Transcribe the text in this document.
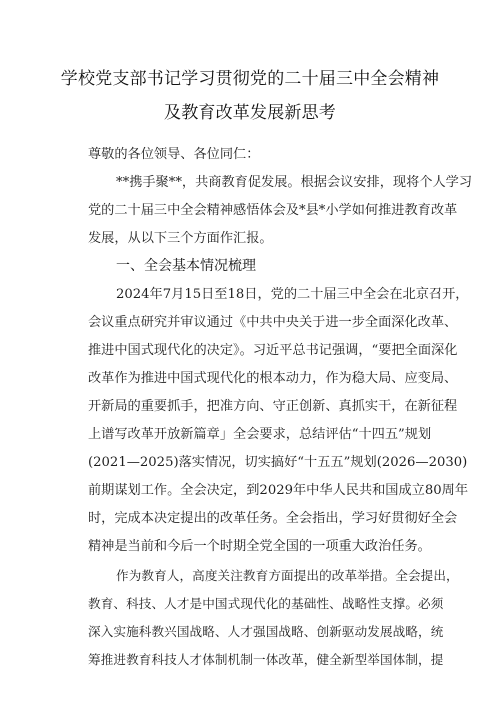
学校党支部书记学习贯彻党的二十届三中全会精神
及教育改革发展新思考
尊敬的各位领导、各位同仁：
**携手聚**，共商教育促发展。根据会议安排，现将个人学习
党的二十届三中全会精神感悟体会及*县*小学如何推进教育改革
发展，从以下三个方面作汇报。
一、全会基本情况梳理
2024年7月15日至18日，党的二十届三中全会在北京召开，
会议重点研究并审议通过《中共中央关于进一步全面深化改革、
推进中国式现代化的决定》。习近平总书记强调，“要把全面深化
改革作为推进中国式现代化的根本动力，作为稳大局、应变局、
开新局的重要抓手，把准方向、守正创新、真抓实干，在新征程
上谱写改革开放新篇章」全会要求，总结评估“十四五”规划
(2021—2025)落实情况，切实搞好“十五五”规划(2026—2030)
前期谋划工作。全会决定，到2029年中华人民共和国成立80周年
时，完成本决定提出的改革任务。全会指出，学习好贯彻好全会
精神是当前和今后一个时期全党全国的一项重大政治任务。
作为教育人，高度关注教育方面提出的改革举措。全会提出，
教育、科技、人才是中国式现代化的基础性、战略性支撑。必须
深入实施科教兴国战略、人才强国战略、创新驱动发展战略，统
筹推进教育科技人才体制机制一体改革，健全新型举国体制，提
